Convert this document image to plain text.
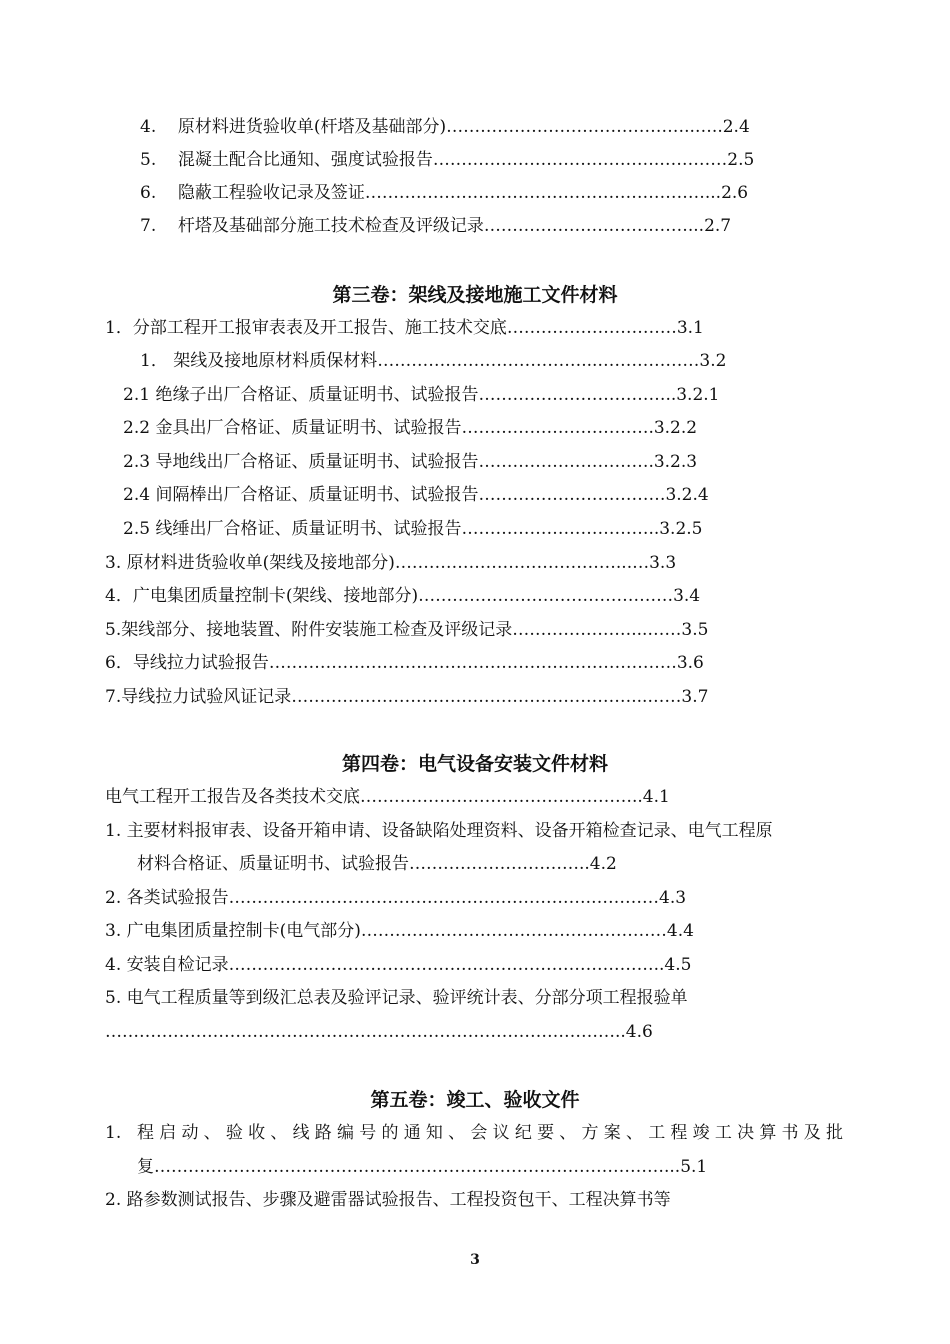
4. 原材料进货验收单(杆塔及基础部分)……………………………………..…..2.4
5. 混凝土配合比通知、强度试验报告………………………………….…………2.5
6. 隐蔽工程验收记录及签证……………………………………………………...2.6
7. 杆塔及基础部分施工技术检查及评级记录………………………………...2.7
第三卷：架线及接地施工文件材料
1．分部工程开工报审表表及开工报告、施工技术交底…………………………3.1
1． 架线及接地原材料质保材料………………………………...………………3.2
2.1 绝缘子出厂合格证、质量证明书、试验报告……………………………..3.2.1
2.2 金具出厂合格证、质量证明书、试验报告…………………………….3.2.2
2.3 导地线出厂合格证、质量证明书、试验报告………………………….3.2.3
2.4 间隔棒出厂合格证、质量证明书、试验报告……………………………3.2.4
2.5 线缍出厂合格证、质量证明书、试验报告……………………………..3.2.5
3. 原材料进货验收单(架线及接地部分)…………………………………...…3.3
4．广电集团质量控制卡(架线、接地部分)………………………………………3.4
5.架线部分、接地装置、附件安装施工检查及评级记录…………………...……3.5
6．导线拉力试验报告………………………………………………………………3.6
7.导线拉力试验风证记录……………………………………………………...……3.7
第四卷：电气设备安装文件材料
电气工程开工报告及各类技术交底…………………………………………..4.1
1. 主要材料报审表、设备开箱申请、设备缺陷处理资料、设备开箱检查记录、电气工程原
材料合格证、质量证明书、试验报告…………………………..4.2
2. 各类试验报告……………………………………………………….…………4.3
3. 广电集团质量控制卡(电气部分)………………………………………………4.4
4. 安装自检记录…………………………………………………………………..4.5
5. 电气工程质量等到级汇总表及验评记录、验评统计表、分部分项工程报验单
………………………………………………………………………………..4.6
第五卷：竣工、验收文件
1. 程启动、验收、线路编号的通知、会议纪要、方案、工程竣工决算书及批
复………………………………………………………………………………...5.1
2. 路参数测试报告、步骤及避雷器试验报告、工程投资包干、工程决算书等
3
